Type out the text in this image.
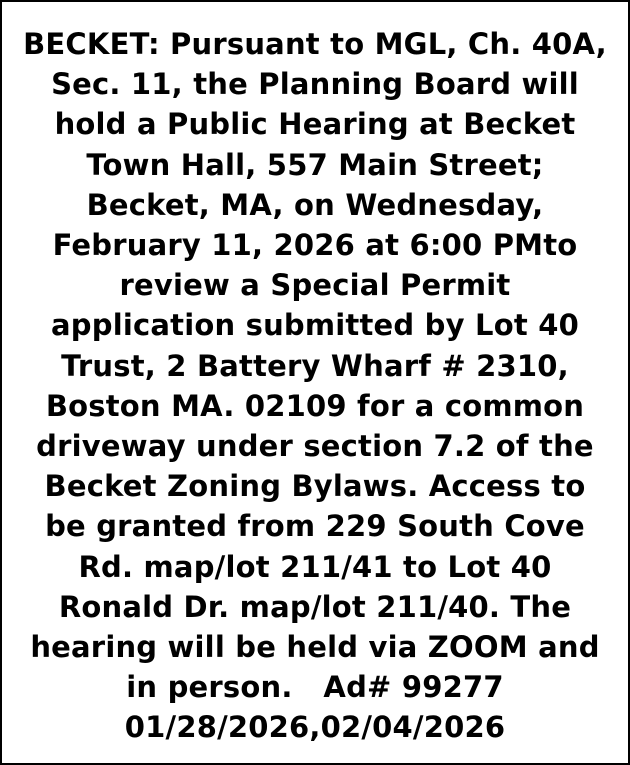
BECKET: Pursuant to MGL, Ch. 40A,
Sec. 11, the Planning Board will
hold a Public Hearing at Becket
Town Hall, 557 Main Street;
Becket, MA, on Wednesday,
February 11, 2026 at 6:00 PMto
review a Special Permit
application submitted by Lot 40
Trust, 2 Battery Wharf # 2310,
Boston MA. 02109 for a common
driveway under section 7.2 of the
Becket Zoning Bylaws. Access to
be granted from 229 South Cove
Rd. map/lot 211/41 to Lot 40
Ronald Dr. map/lot 211/40. The
hearing will be held via ZOOM and
in person.   Ad# 99277
01/28/2026,02/04/2026
